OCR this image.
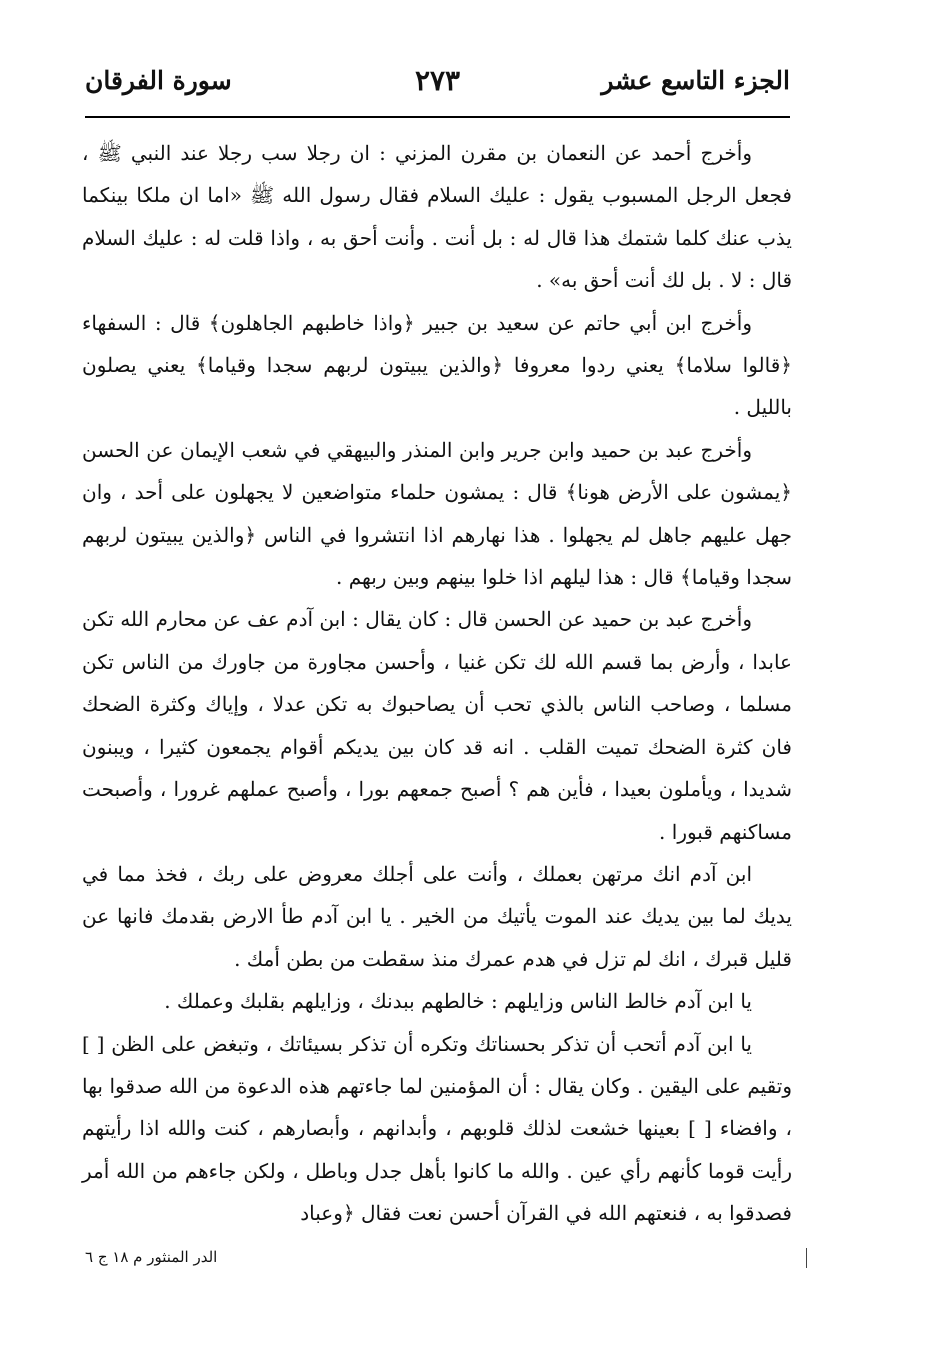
الجزء التاسع عشر
٢٧٣
سورة الفرقان

وأخرج أحمد عن النعمان بن مقرن المزني : ان رجلا سب رجلا عند النبي ﷺ ، فجعل الرجل المسبوب يقول : عليك السلام فقال رسول الله ﷺ «اما ان ملكا بينكما يذب عنك كلما شتمك هذا قال له : بل أنت . وأنت أحق به ، واذا قلت له : عليك السلام قال : لا . بل لك أنت أحق به» .

وأخرج ابن أبي حاتم عن سعيد بن جبير ﴿واذا خاطبهم الجاهلون﴾ قال : السفهاء ﴿قالوا سلاما﴾ يعني ردوا معروفا ﴿والذين يبيتون لربهم سجدا وقياما﴾ يعني يصلون بالليل .

وأخرج عبد بن حميد وابن جرير وابن المنذر والبيهقي في شعب الإيمان عن الحسن ﴿يمشون على الأرض هونا﴾ قال : يمشون حلماء متواضعين لا يجهلون على أحد ، وان جهل عليهم جاهل لم يجهلوا . هذا نهارهم اذا انتشروا في الناس ﴿والذين يبيتون لربهم سجدا وقياما﴾ قال : هذا ليلهم اذا خلوا بينهم وبين ربهم .

وأخرج عبد بن حميد عن الحسن قال : كان يقال : ابن آدم عف عن محارم الله تكن عابدا ، وأرض بما قسم الله لك تكن غنيا ، وأحسن مجاورة من جاورك من الناس تكن مسلما ، وصاحب الناس بالذي تحب أن يصاحبوك به تكن عدلا ، وإياك وكثرة الضحك فان كثرة الضحك تميت القلب . انه قد كان بين يديكم أقوام يجمعون كثيرا ، ويبنون شديدا ، ويأملون بعيدا ، فأين هم ؟ أصبح جمعهم بورا ، وأصبح عملهم غرورا ، وأصبحت مساكنهم قبورا .

ابن آدم انك مرتهن بعملك ، وأنت على أجلك معروض على ربك ، فخذ مما في يديك لما بين يديك عند الموت يأتيك من الخير . يا ابن آدم طأ الارض بقدمك فانها عن قليل قبرك ، انك لم تزل في هدم عمرك منذ سقطت من بطن أمك .

يا ابن آدم خالط الناس وزايلهم : خالطهم ببدنك ، وزايلهم بقلبك وعملك .

يا ابن آدم أتحب أن تذكر بحسناتك وتكره أن تذكر بسيئاتك ، وتبغض على الظن [ ] وتقيم على اليقين . وكان يقال : أن المؤمنين لما جاءتهم هذه الدعوة من الله صدقوا بها ، وافضاء [ ] بعينها خشعت لذلك قلوبهم ، وأبدانهم ، وأبصارهم ، كنت والله اذا رأيتهم رأيت قوما كأنهم رأي عين . والله ما كانوا بأهل جدل وباطل ، ولكن جاءهم من الله أمر فصدقوا به ، فنعتهم الله في القرآن أحسن نعت فقال ﴿وعباد

الدر المنثور م ١٨ ج ٦
